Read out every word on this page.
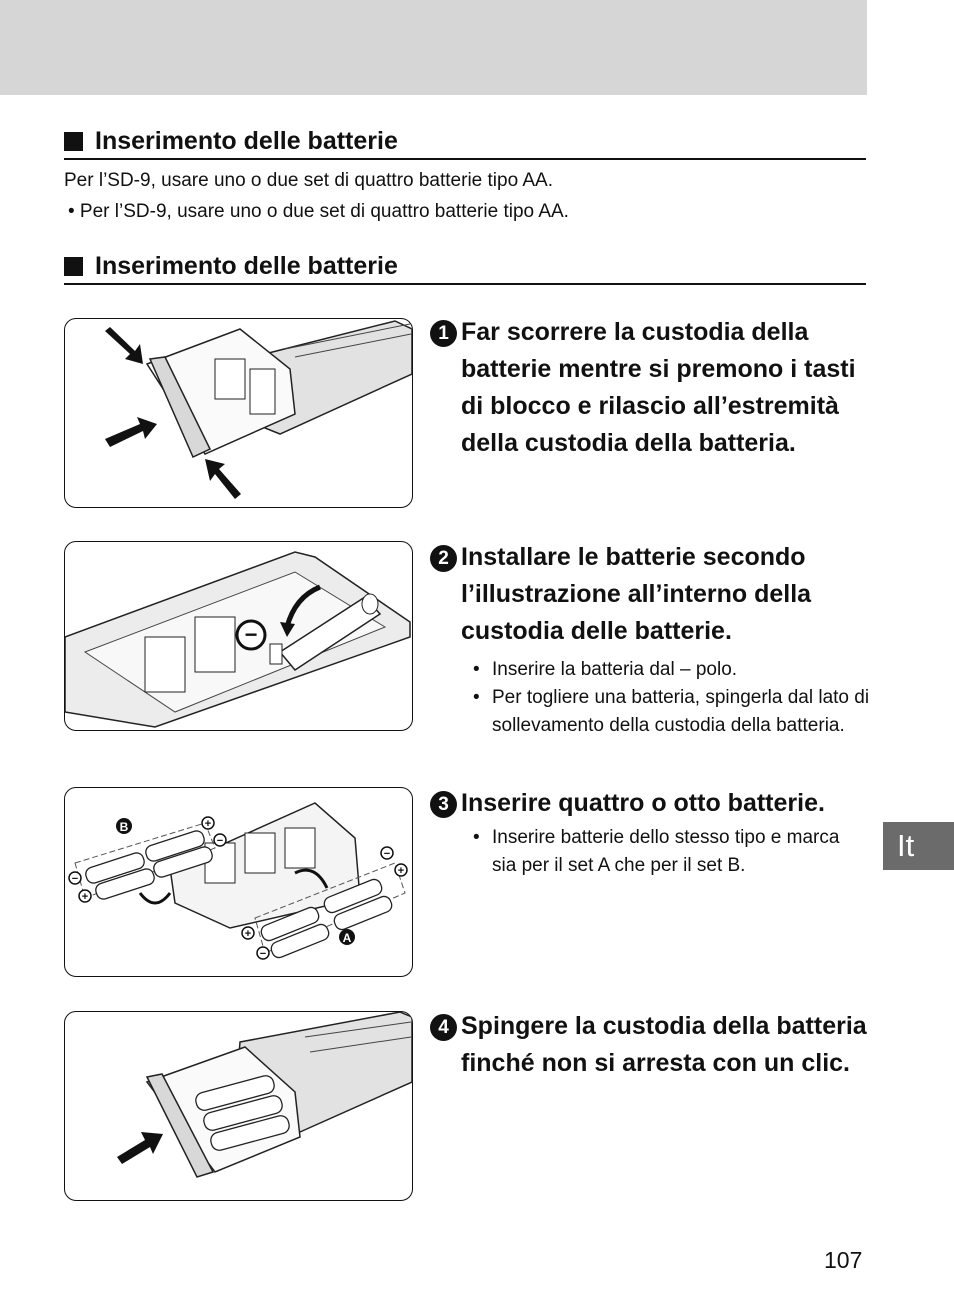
Inserimento delle batterie
Per l’SD-9, usare uno o due set di quattro batterie tipo AA.
• Per l’SD-9, usare uno o due set di quattro batterie tipo AA.
Inserimento delle batterie
1 Far scorrere la custodia della batterie mentre si premono i tasti di blocco e rilascio all’estremità della custodia della batteria.
−
2 Installare le batterie secondo l’illustrazione all’interno della custodia delle batterie.
• Inserire la batteria dal – polo.
• Per togliere una batteria, spingerla dal lato di sollevamento della custodia della batteria.
B
A
−
+
+
−
+
−
−
+
3 Inserire quattro o otto batterie.
• Inserire batterie dello stesso tipo e marca sia per il set A che per il set B.
4 Spingere la custodia della batteria finché non si arresta con un clic.
It
107
